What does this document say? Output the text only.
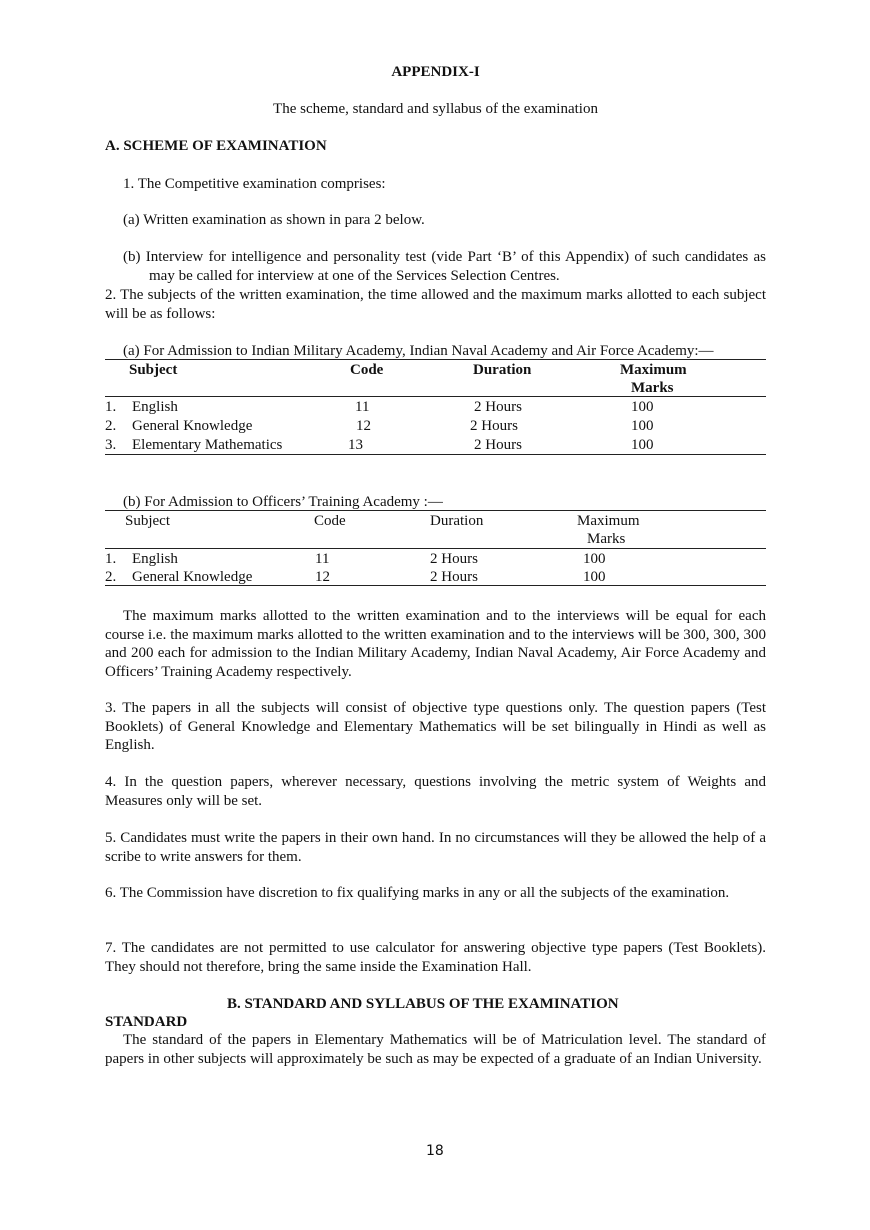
APPENDIX-I
The scheme, standard and syllabus of the examination
A. SCHEME OF EXAMINATION
1. The Competitive examination comprises:
(a) Written examination as shown in para 2 below.
(b) Interview for intelligence and personality test (vide Part ‘B’ of this Appendix) of such candidates as may be called for interview at one of the Services Selection Centres.
2. The subjects of the written examination, the time allowed and the maximum marks allotted to each subject will be as follows:
(a) For Admission to Indian Military Academy, Indian Naval Academy and Air Force Academy:—
Subject	Code	Duration	Maximum
Marks
1. English	11	2 Hours	100
2. General Knowledge	12	2 Hours	100
3. Elementary Mathematics	13	2 Hours	100
(b) For Admission to Officers’ Training Academy :—
Subject	Code	Duration	Maximum
Marks
1. English	11	2 Hours	100
2. General Knowledge	12	2 Hours	100
The maximum marks allotted to the written examination and to the interviews will be equal for each course i.e. the maximum marks allotted to the written examination and to the interviews will be 300, 300, 300 and 200 each for admission to the Indian Military Academy, Indian Naval Academy, Air Force Academy and Officers’ Training Academy respectively.
3. The papers in all the subjects will consist of objective type questions only. The question papers (Test Booklets) of General Knowledge and Elementary Mathematics will be set bilingually in Hindi as well as English.
4. In the question papers, wherever necessary, questions involving the metric system of Weights and Measures only will be set.
5. Candidates must write the papers in their own hand. In no circumstances will they be allowed the help of a scribe to write answers for them.
6. The Commission have discretion to fix qualifying marks in any or all the subjects of the examination.
7. The candidates are not permitted to use calculator for answering objective type papers (Test Booklets). They should not therefore, bring the same inside the Examination Hall.
B. STANDARD AND SYLLABUS OF THE EXAMINATION
STANDARD
The standard of the papers in Elementary Mathematics will be of Matriculation level. The standard of papers in other subjects will approximately be such as may be expected of a graduate of an Indian University.
18
